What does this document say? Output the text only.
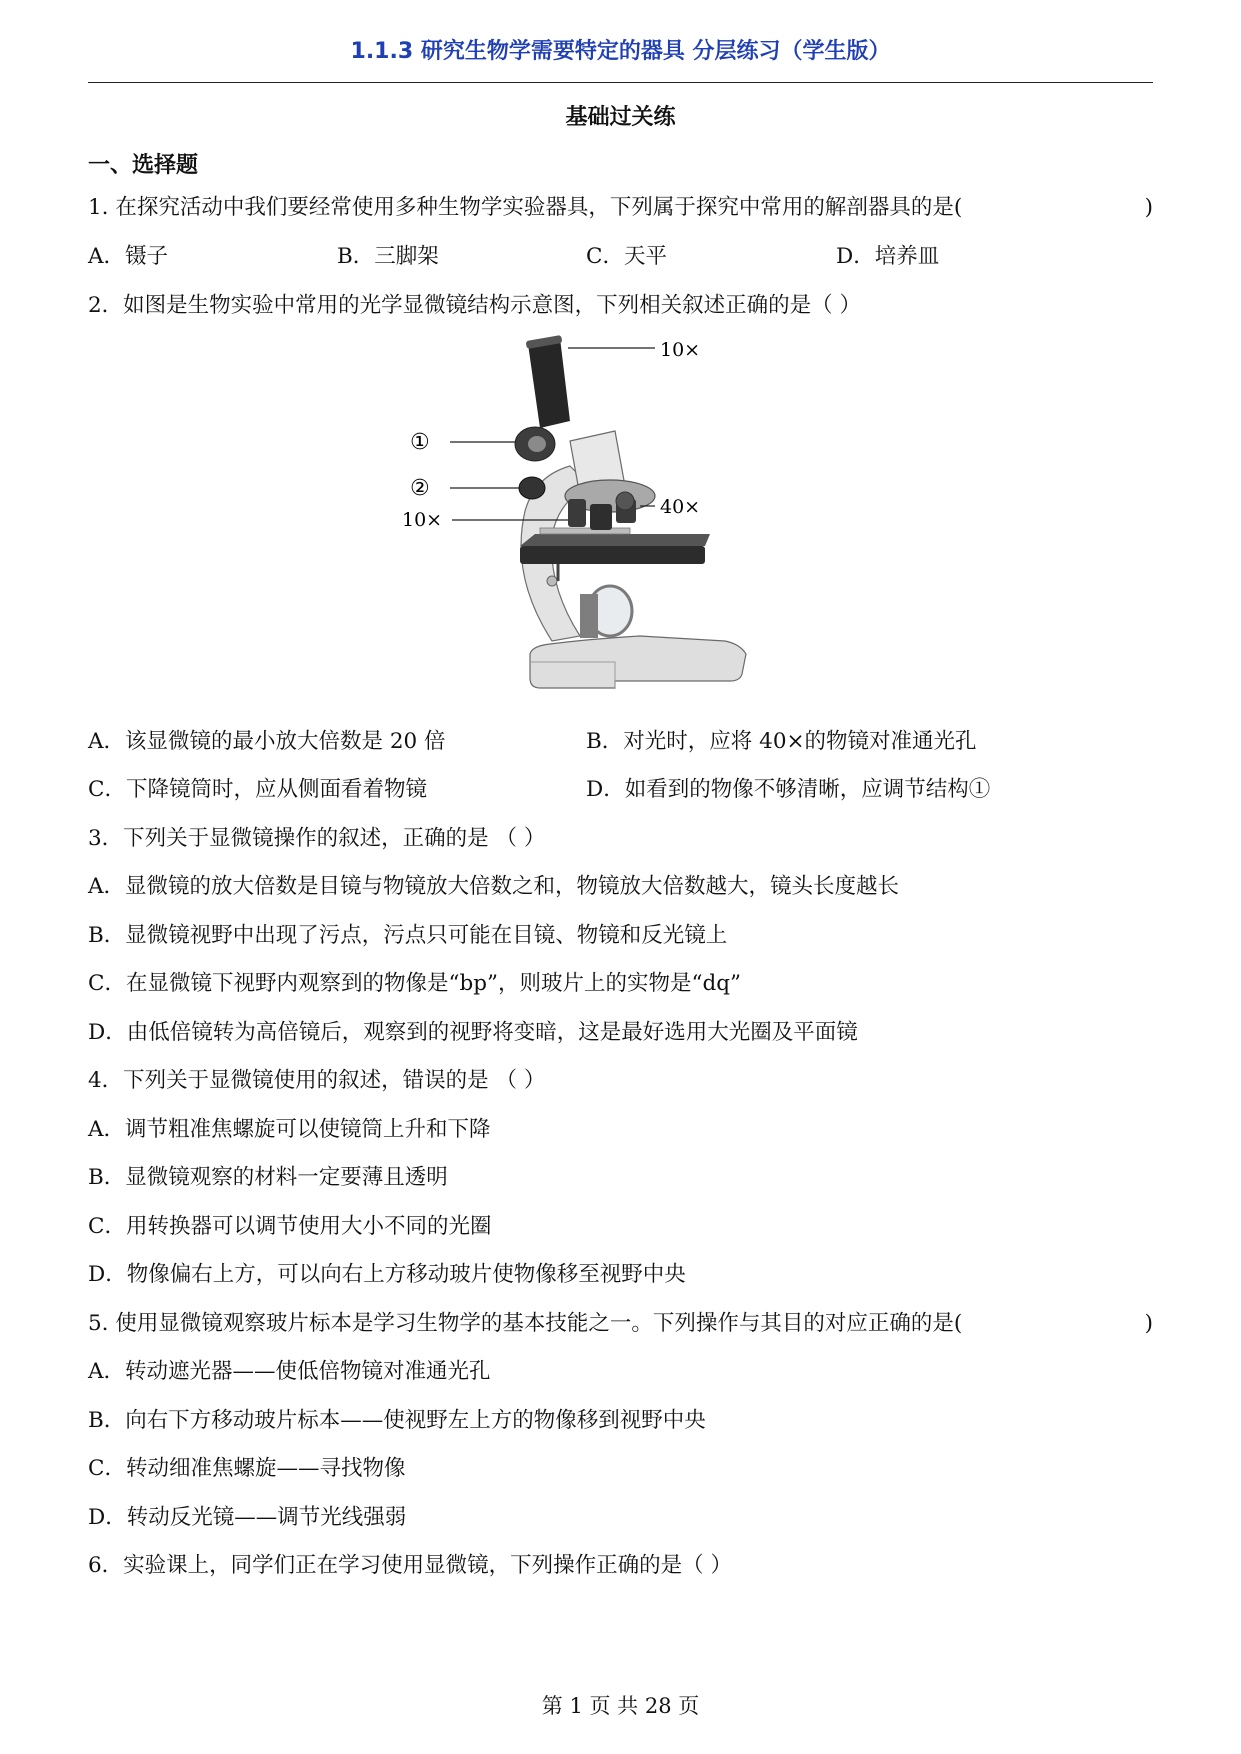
1.1.3 研究生物学需要特定的器具 分层练习（学生版）
基础过关练
一、选择题
1. 在探究活动中我们要经常使用多种生物学实验器具，下列属于探究中常用的解剖器具的是(	)
A．镊子	B．三脚架	C．天平	D．培养皿
2．如图是生物实验中常用的光学显微镜结构示意图，下列相关叙述正确的是（ ）
10×
①
②
10×
40×
A．该显微镜的最小放大倍数是 20 倍	B．对光时，应将 40×的物镜对准通光孔
C．下降镜筒时，应从侧面看着物镜	D．如看到的物像不够清晰，应调节结构①
3．下列关于显微镜操作的叙述，正确的是 （ ）
A．显微镜的放大倍数是目镜与物镜放大倍数之和，物镜放大倍数越大，镜头长度越长
B．显微镜视野中出现了污点，污点只可能在目镜、物镜和反光镜上
C．在显微镜下视野内观察到的物像是“bp”，则玻片上的实物是“dq”
D．由低倍镜转为高倍镜后，观察到的视野将变暗，这是最好选用大光圈及平面镜
4．下列关于显微镜使用的叙述，错误的是 （ ）
A．调节粗准焦螺旋可以使镜筒上升和下降
B．显微镜观察的材料一定要薄且透明
C．用转换器可以调节使用大小不同的光圈
D．物像偏右上方，可以向右上方移动玻片使物像移至视野中央
5. 使用显微镜观察玻片标本是学习生物学的基本技能之一。下列操作与其目的对应正确的是(	)
A．转动遮光器——使低倍物镜对准通光孔
B．向右下方移动玻片标本——使视野左上方的物像移到视野中央
C．转动细准焦螺旋——寻找物像
D．转动反光镜——调节光线强弱
6．实验课上，同学们正在学习使用显微镜，下列操作正确的是（ ）
第 1 页 共 28 页
